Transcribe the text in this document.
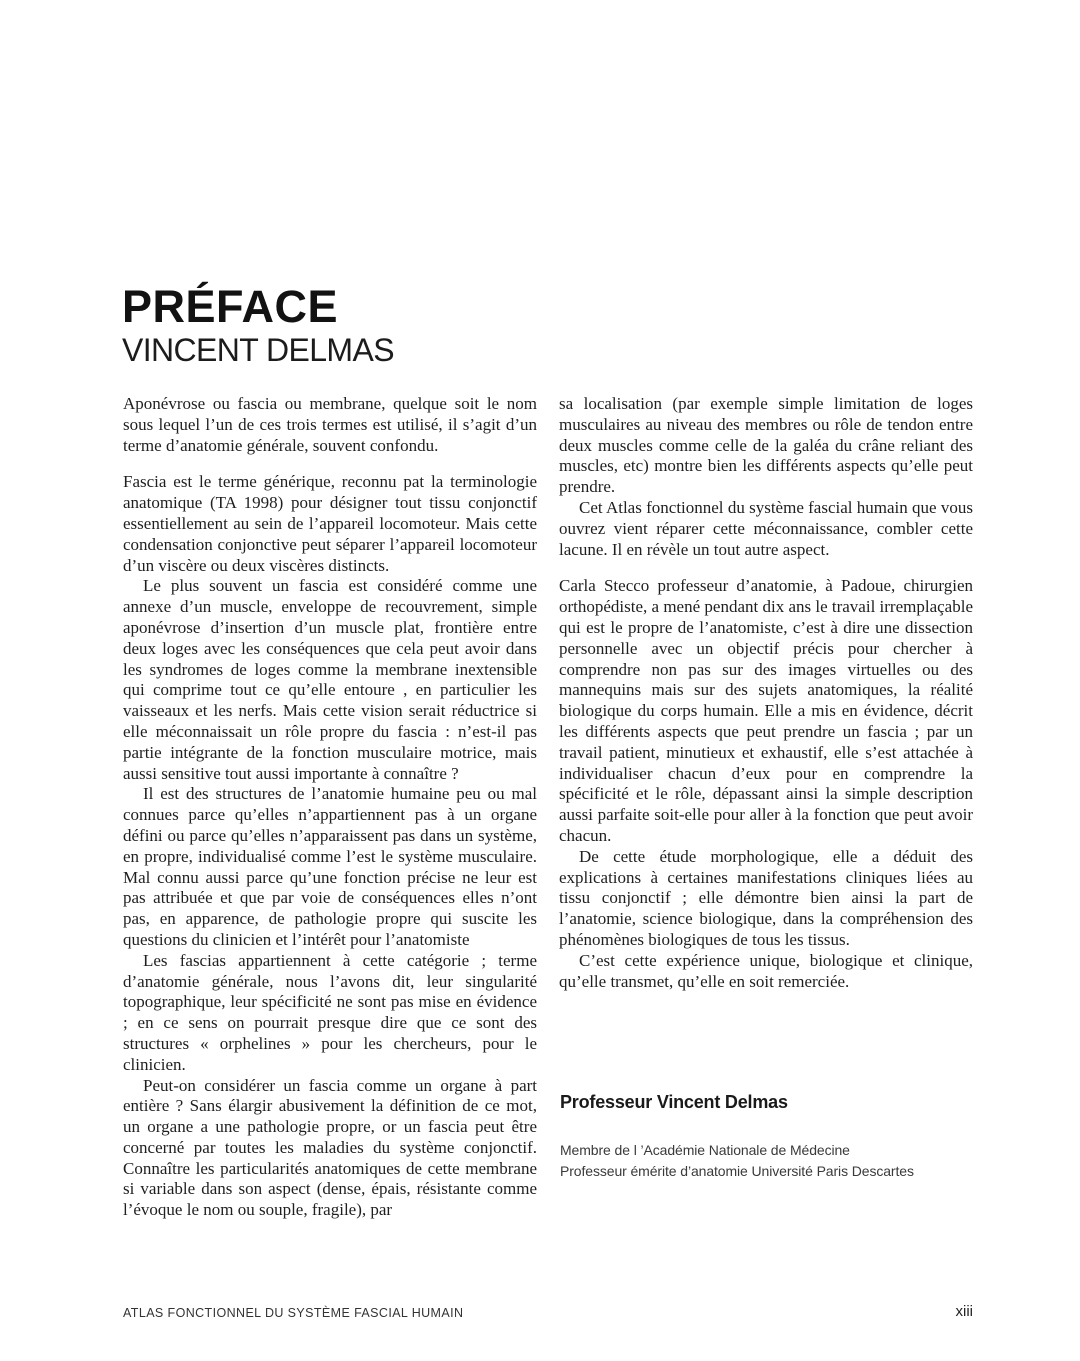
PRÉFACE
VINCENT DELMAS

Aponévrose ou fascia ou membrane, quelque soit le nom sous lequel l’un de ces trois termes est utilisé, il s’agit d’un terme d’anatomie générale, souvent confondu.

Fascia est le terme générique, reconnu pat la terminologie anatomique (TA 1998) pour désigner tout tissu conjonctif essentiellement au sein de l’appareil locomoteur. Mais cette condensation conjonctive peut séparer l’appareil locomoteur d’un viscère ou deux viscères distincts.

Le plus souvent un fascia est considéré comme une annexe d’un muscle, enveloppe de recouvrement, simple aponévrose d’insertion d’un muscle plat, frontière entre deux loges avec les conséquences que cela peut avoir dans les syndromes de loges comme la membrane inextensible qui comprime tout ce qu’elle entoure , en particulier les vaisseaux et les nerfs. Mais cette vision serait réductrice si elle méconnaissait un rôle propre du fascia : n’est-il pas partie intégrante de la fonction musculaire motrice, mais aussi sensitive tout aussi importante à connaître ?

Il est des structures de l’anatomie humaine peu ou mal connues parce qu’elles n’appartiennent pas à un organe défini ou parce qu’elles n’apparaissent pas dans un système, en propre, individualisé comme l’est le système musculaire. Mal connu aussi parce qu’une fonction précise ne leur est pas attribuée et que par voie de conséquences elles n’ont pas, en apparence, de pathologie propre qui suscite les questions du clinicien et l’intérêt pour l’anatomiste

Les fascias appartiennent à cette catégorie ; terme d’anatomie générale, nous l’avons dit, leur singularité topographique, leur spécificité ne sont pas mise en évidence ; en ce sens on pourrait presque dire que ce sont des structures « orphelines » pour les chercheurs, pour le clinicien.

Peut-on considérer un fascia comme un organe à part entière ? Sans élargir abusivement la définition de ce mot, un organe a une pathologie propre, or un fascia peut être concerné par toutes les maladies du système conjonctif. Connaître les particularités anatomiques de cette membrane si variable dans son aspect (dense, épais, résistante comme l’évoque le nom ou souple, fragile), par

sa localisation (par exemple simple limitation de loges musculaires au niveau des membres ou rôle de tendon entre deux muscles comme celle de la galéa du crâne reliant des muscles, etc) montre bien les différents aspects qu’elle peut prendre.

Cet Atlas fonctionnel du système fascial humain que vous ouvrez vient réparer cette méconnaissance, combler cette lacune. Il en révèle un tout autre aspect.

Carla Stecco professeur d’anatomie, à Padoue, chirurgien orthopédiste, a mené pendant dix ans le travail irremplaçable qui est le propre de l’anatomiste, c’est à dire une dissection personnelle avec un objectif précis pour chercher à comprendre non pas sur des images virtuelles ou des mannequins mais sur des sujets anatomiques, la réalité biologique du corps humain. Elle a mis en évidence, décrit les différents aspects que peut prendre un fascia ; par un travail patient, minutieux et exhaustif, elle s’est attachée à individualiser chacun d’eux pour en comprendre la spécificité et le rôle, dépassant ainsi la simple description aussi parfaite soit-elle pour aller à la fonction que peut avoir chacun.

De cette étude morphologique, elle a déduit des explications à certaines manifestations cliniques liées au tissu conjonctif ; elle démontre bien ainsi la part de l’anatomie, science biologique, dans la compréhension des phénomènes biologiques de tous les tissus.

C’est cette expérience unique, biologique et clinique, qu’elle transmet, qu’elle en soit remerciée.

Professeur Vincent Delmas
Membre de l ’Académie Nationale de Médecine
Professeur émérite d’anatomie Université Paris Descartes
ATLAS FONCTIONNEL DU SYSTÈME FASCIAL HUMAIN	xiii
